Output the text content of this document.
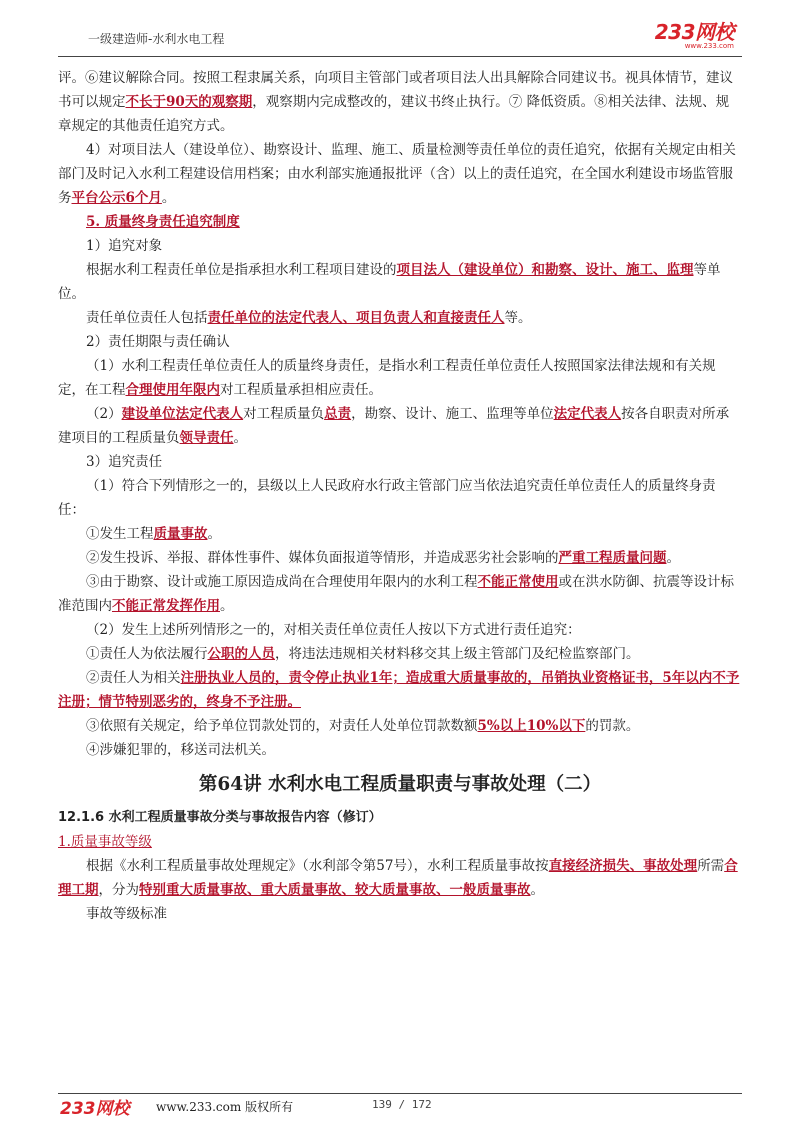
一级建造师-水利水电工程	233网校
www.233.com

评。⑥建议解除合同。按照工程隶属关系，向项目主管部门或者项目法人出具解除合同建议书。视具体情节，建议书可以规定不长于90天的观察期，观察期内完成整改的，建议书终止执行。⑦ 降低资质。⑧相关法律、法规、规章规定的其他责任追究方式。

4）对项目法人（建设单位）、勘察设计、监理、施工、质量检测等责任单位的责任追究，依据有关规定由相关部门及时记入水利工程建设信用档案；由水利部实施通报批评（含）以上的责任追究，在全国水利建设市场监管服务平台公示6个月。

5. 质量终身责任追究制度

1）追究对象

根据水利工程责任单位是指承担水利工程项目建设的项目法人（建设单位）和勘察、设计、施工、监理等单位。

责任单位责任人包括责任单位的法定代表人、项目负责人和直接责任人等。

2）责任期限与责任确认

（1）水利工程责任单位责任人的质量终身责任，是指水利工程责任单位责任人按照国家法律法规和有关规定，在工程合理使用年限内对工程质量承担相应责任。

（2）建设单位法定代表人对工程质量负总责，勘察、设计、施工、监理等单位法定代表人按各自职责对所承建项目的工程质量负领导责任。

3）追究责任

（1）符合下列情形之一的，县级以上人民政府水行政主管部门应当依法追究责任单位责任人的质量终身责任：

①发生工程质量事故。

②发生投诉、举报、群体性事件、媒体负面报道等情形，并造成恶劣社会影响的严重工程质量问题。

③由于勘察、设计或施工原因造成尚在合理使用年限内的水利工程不能正常使用或在洪水防御、抗震等设计标准范围内不能正常发挥作用。

（2）发生上述所列情形之一的，对相关责任单位责任人按以下方式进行责任追究：

①责任人为依法履行公职的人员，将违法违规相关材料移交其上级主管部门及纪检监察部门。

②责任人为相关注册执业人员的，责令停止执业1年；造成重大质量事故的，吊销执业资格证书，5年以内不予注册；情节特别恶劣的，终身不予注册。

③依照有关规定，给予单位罚款处罚的，对责任人处单位罚款数额5%以上10%以下的罚款。

④涉嫌犯罪的，移送司法机关。

第64讲 水利水电工程质量职责与事故处理（二）

12.1.6 水利工程质量事故分类与事故报告内容（修订）

1.质量事故等级

根据《水利工程质量事故处理规定》（水利部令第57号），水利工程质量事故按直接经济损失、事故处理所需合理工期，分为特别重大质量事故、重大质量事故、较大质量事故、一般质量事故。

事故等级标准

233网校 www.233.com 版权所有	139 / 172
